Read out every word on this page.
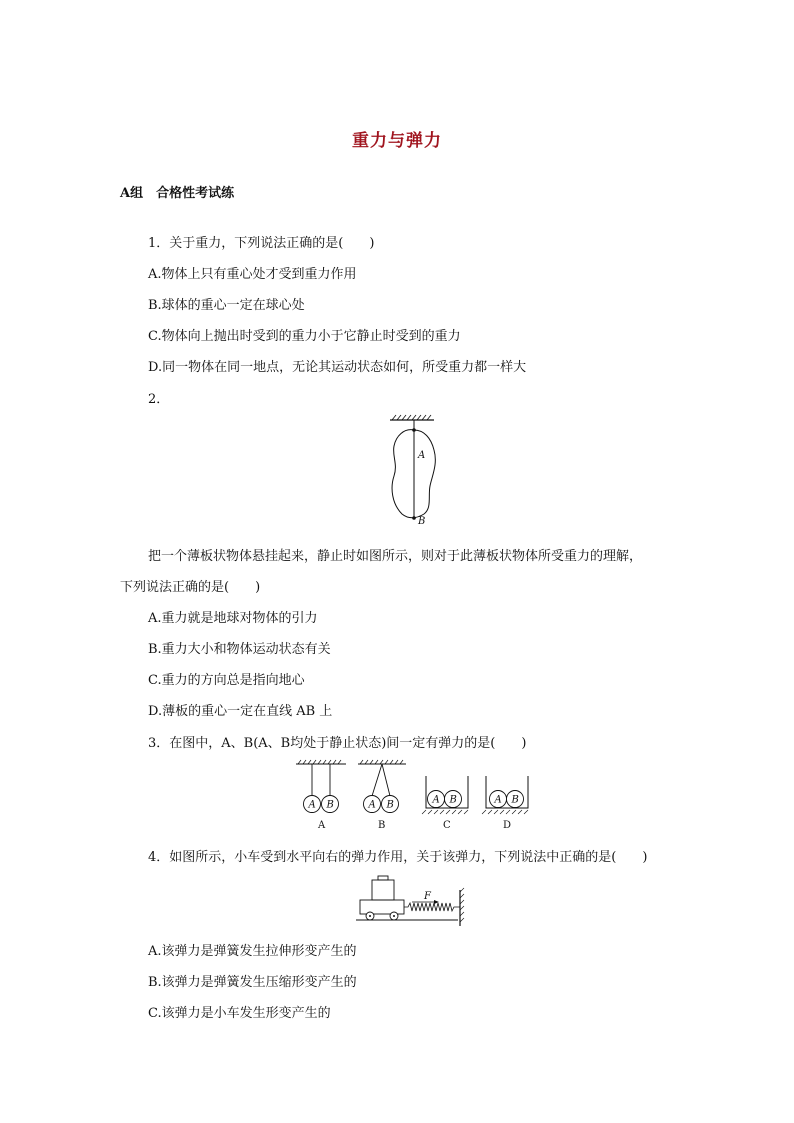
重力与弹力
A组　合格性考试练
1．关于重力，下列说法正确的是(　　)
A.物体上只有重心处才受到重力作用
B.球体的重心一定在球心处
C.物体向上抛出时受到的重力小于它静止时受到的重力
D.同一物体在同一地点，无论其运动状态如何，所受重力都一样大
2．
A
B
把一个薄板状物体悬挂起来，静止时如图所示，则对于此薄板状物体所受重力的理解，
下列说法正确的是(　　)
A.重力就是地球对物体的引力
B.重力大小和物体运动状态有关
C.重力的方向总是指向地心
D.薄板的重心一定在直线 AB 上
3．在图中，A、B(A、B均处于静止状态)间一定有弹力的是(　　)
A B
A
A B
B
A B
C
A B
D
4．如图所示，小车受到水平向右的弹力作用，关于该弹力，下列说法中正确的是(　　)
F
A.该弹力是弹簧发生拉伸形变产生的
B.该弹力是弹簧发生压缩形变产生的
C.该弹力是小车发生形变产生的
